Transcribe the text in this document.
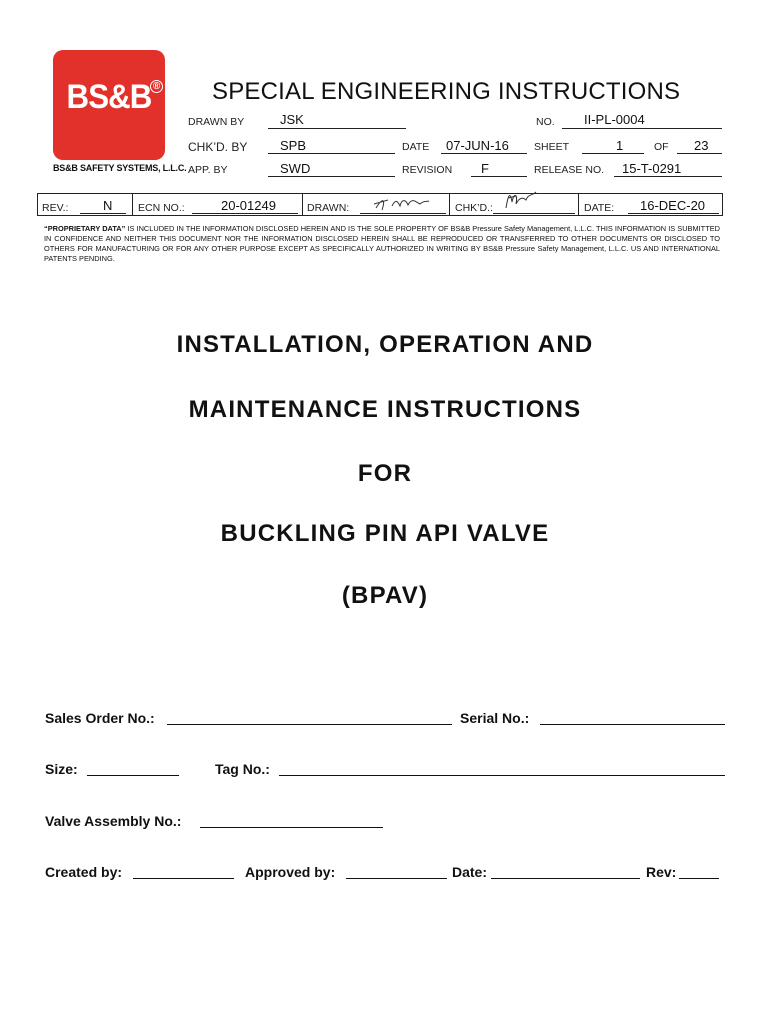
BS&B ®
BS&B SAFETY SYSTEMS, L.L.C.
SPECIAL ENGINEERING INSTRUCTIONS
DRAWN BY	JSK	NO. II-PL-0004
CHK’D. BY	SPB	DATE 07-JUN-16 SHEET	1	OF 23
APP. BY	SWD	REVISION F	RELEASE NO. 15-T-0291
REV.:	N ECN NO.:	20-01249	DRAWN:	CHK’D.:	DATE: 16-DEC-20
“PROPRIETARY DATA” IS INCLUDED IN THE INFORMATION DISCLOSED HEREIN AND IS THE SOLE PROPERTY OF BS&B Pressure Safety Management, L.L.C. THIS INFORMATION IS SUBMITTED IN CONFIDENCE AND NEITHER THIS DOCUMENT NOR THE INFORMATION DISCLOSED HEREIN SHALL BE REPRODUCED OR TRANSFERRED TO OTHER DOCUMENTS OR DISCLOSED TO OTHERS FOR MANUFACTURING OR FOR ANY OTHER PURPOSE EXCEPT AS SPECIFICALLY AUTHORIZED IN WRITING BY BS&B Pressure Safety Management, L.L.C. US AND INTERNATIONAL PATENTS PENDING.
INSTALLATION, OPERATION AND
MAINTENANCE INSTRUCTIONS
FOR
BUCKLING PIN API VALVE
(BPAV)
Sales Order No.:	Serial No.:
Size:	Tag No.:
Valve Assembly No.:
Created by:	Approved by:	Date:	Rev:
